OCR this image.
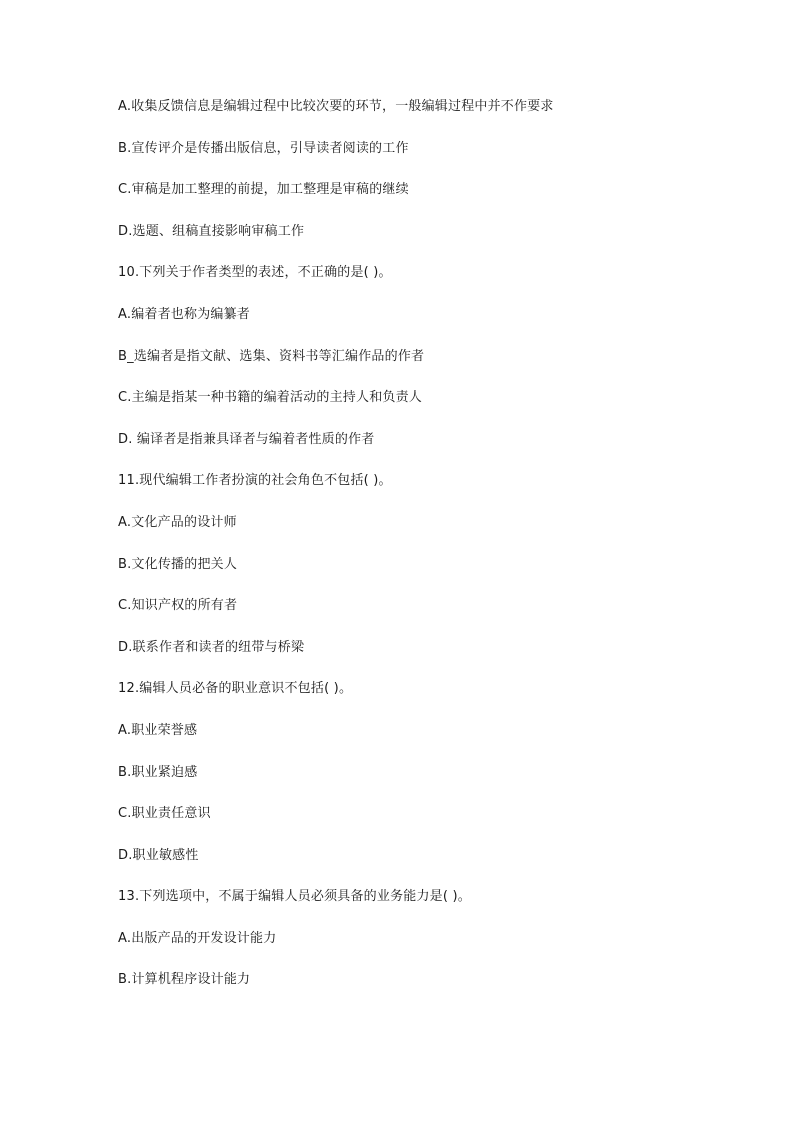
A.收集反馈信息是编辑过程中比较次要的环节，一般编辑过程中并不作要求
B.宣传评介是传播出版信息，引导读者阅读的工作
C.审稿是加工整理的前提，加工整理是审稿的继续
D.选题、组稿直接影响审稿工作
10.下列关于作者类型的表述，不正确的是( )。
A.编着者也称为编纂者
B_选编者是指文献、选集、资料书等汇编作品的作者
C.主编是指某一种书籍的编着活动的主持人和负责人
D. 编译者是指兼具译者与编着者性质的作者
11.现代编辑工作者扮演的社会角色不包括( )。
A.文化产品的设计师
B.文化传播的把关人
C.知识产权的所有者
D.联系作者和读者的纽带与桥梁
12.编辑人员必备的职业意识不包括( )。
A.职业荣誉感
B.职业紧迫感
C.职业责任意识
D.职业敏感性
13.下列选项中，不属于编辑人员必须具备的业务能力是( )。
A.出版产品的开发设计能力
B.计算机程序设计能力
